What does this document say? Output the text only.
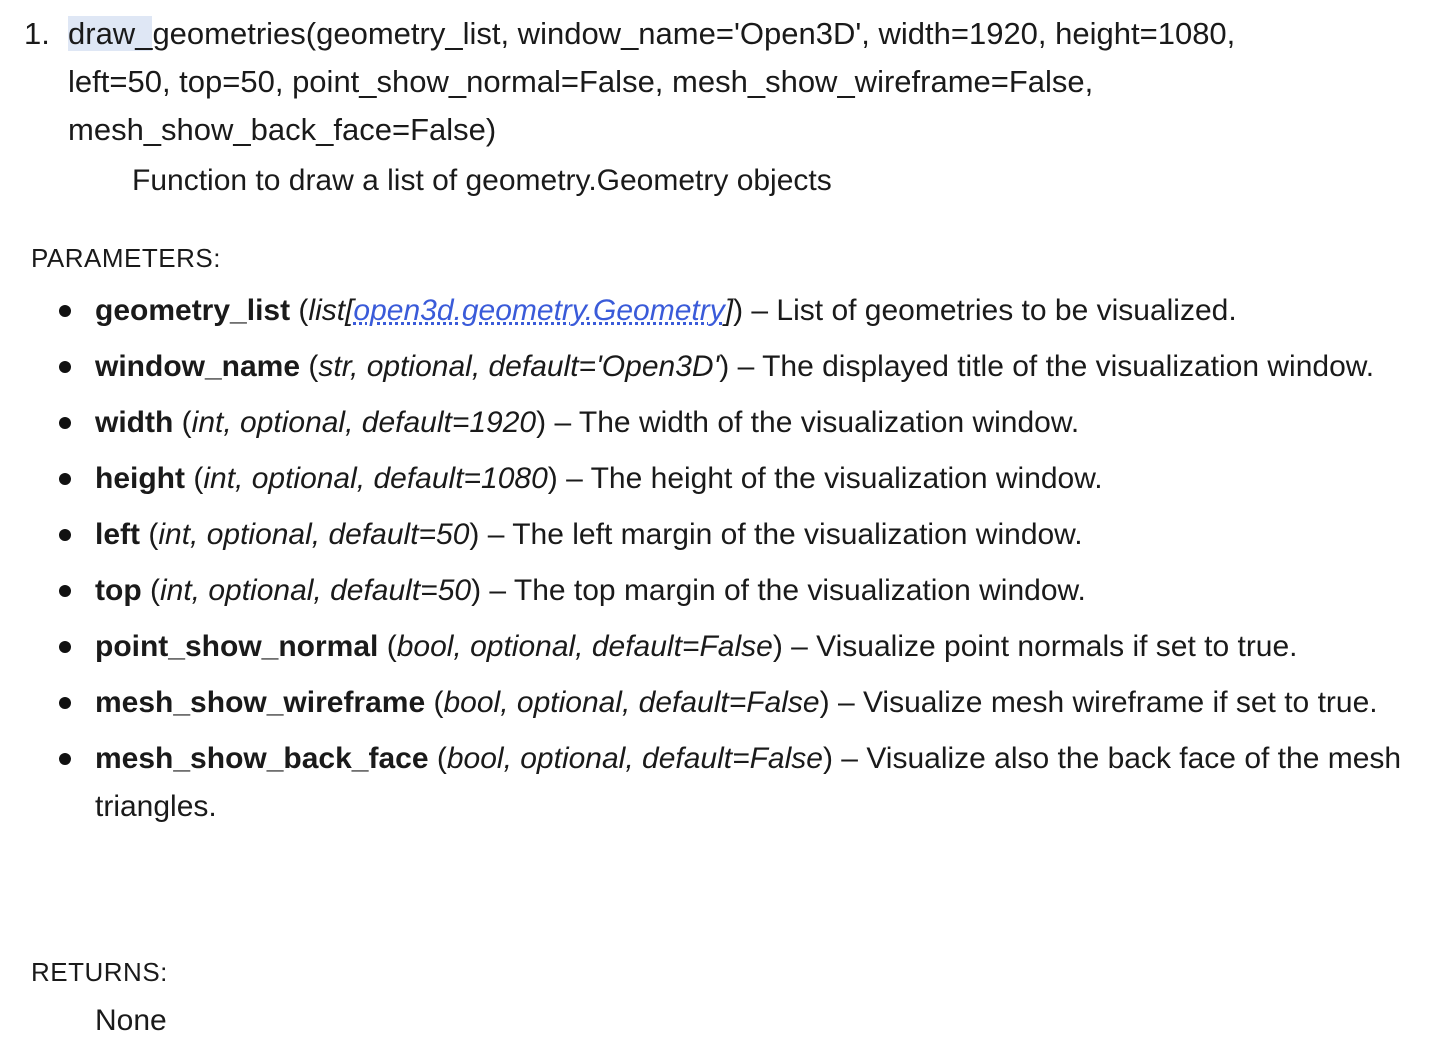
1. draw_geometries(geometry_list, window_name='Open3D', width=1920, height=1080,
left=50, top=50, point_show_normal=False, mesh_show_wireframe=False,
mesh_show_back_face=False)
Function to draw a list of geometry.Geometry objects
PARAMETERS:
geometry_list (list[open3d.geometry.Geometry]) – List of geometries to be visualized.
window_name (str, optional, default='Open3D') – The displayed title of the visualization window.
width (int, optional, default=1920) – The width of the visualization window.
height (int, optional, default=1080) – The height of the visualization window.
left (int, optional, default=50) – The left margin of the visualization window.
top (int, optional, default=50) – The top margin of the visualization window.
point_show_normal (bool, optional, default=False) – Visualize point normals if set to true.
mesh_show_wireframe (bool, optional, default=False) – Visualize mesh wireframe if set to true.
mesh_show_back_face (bool, optional, default=False) – Visualize also the back face of the mesh triangles.
RETURNS:
None
